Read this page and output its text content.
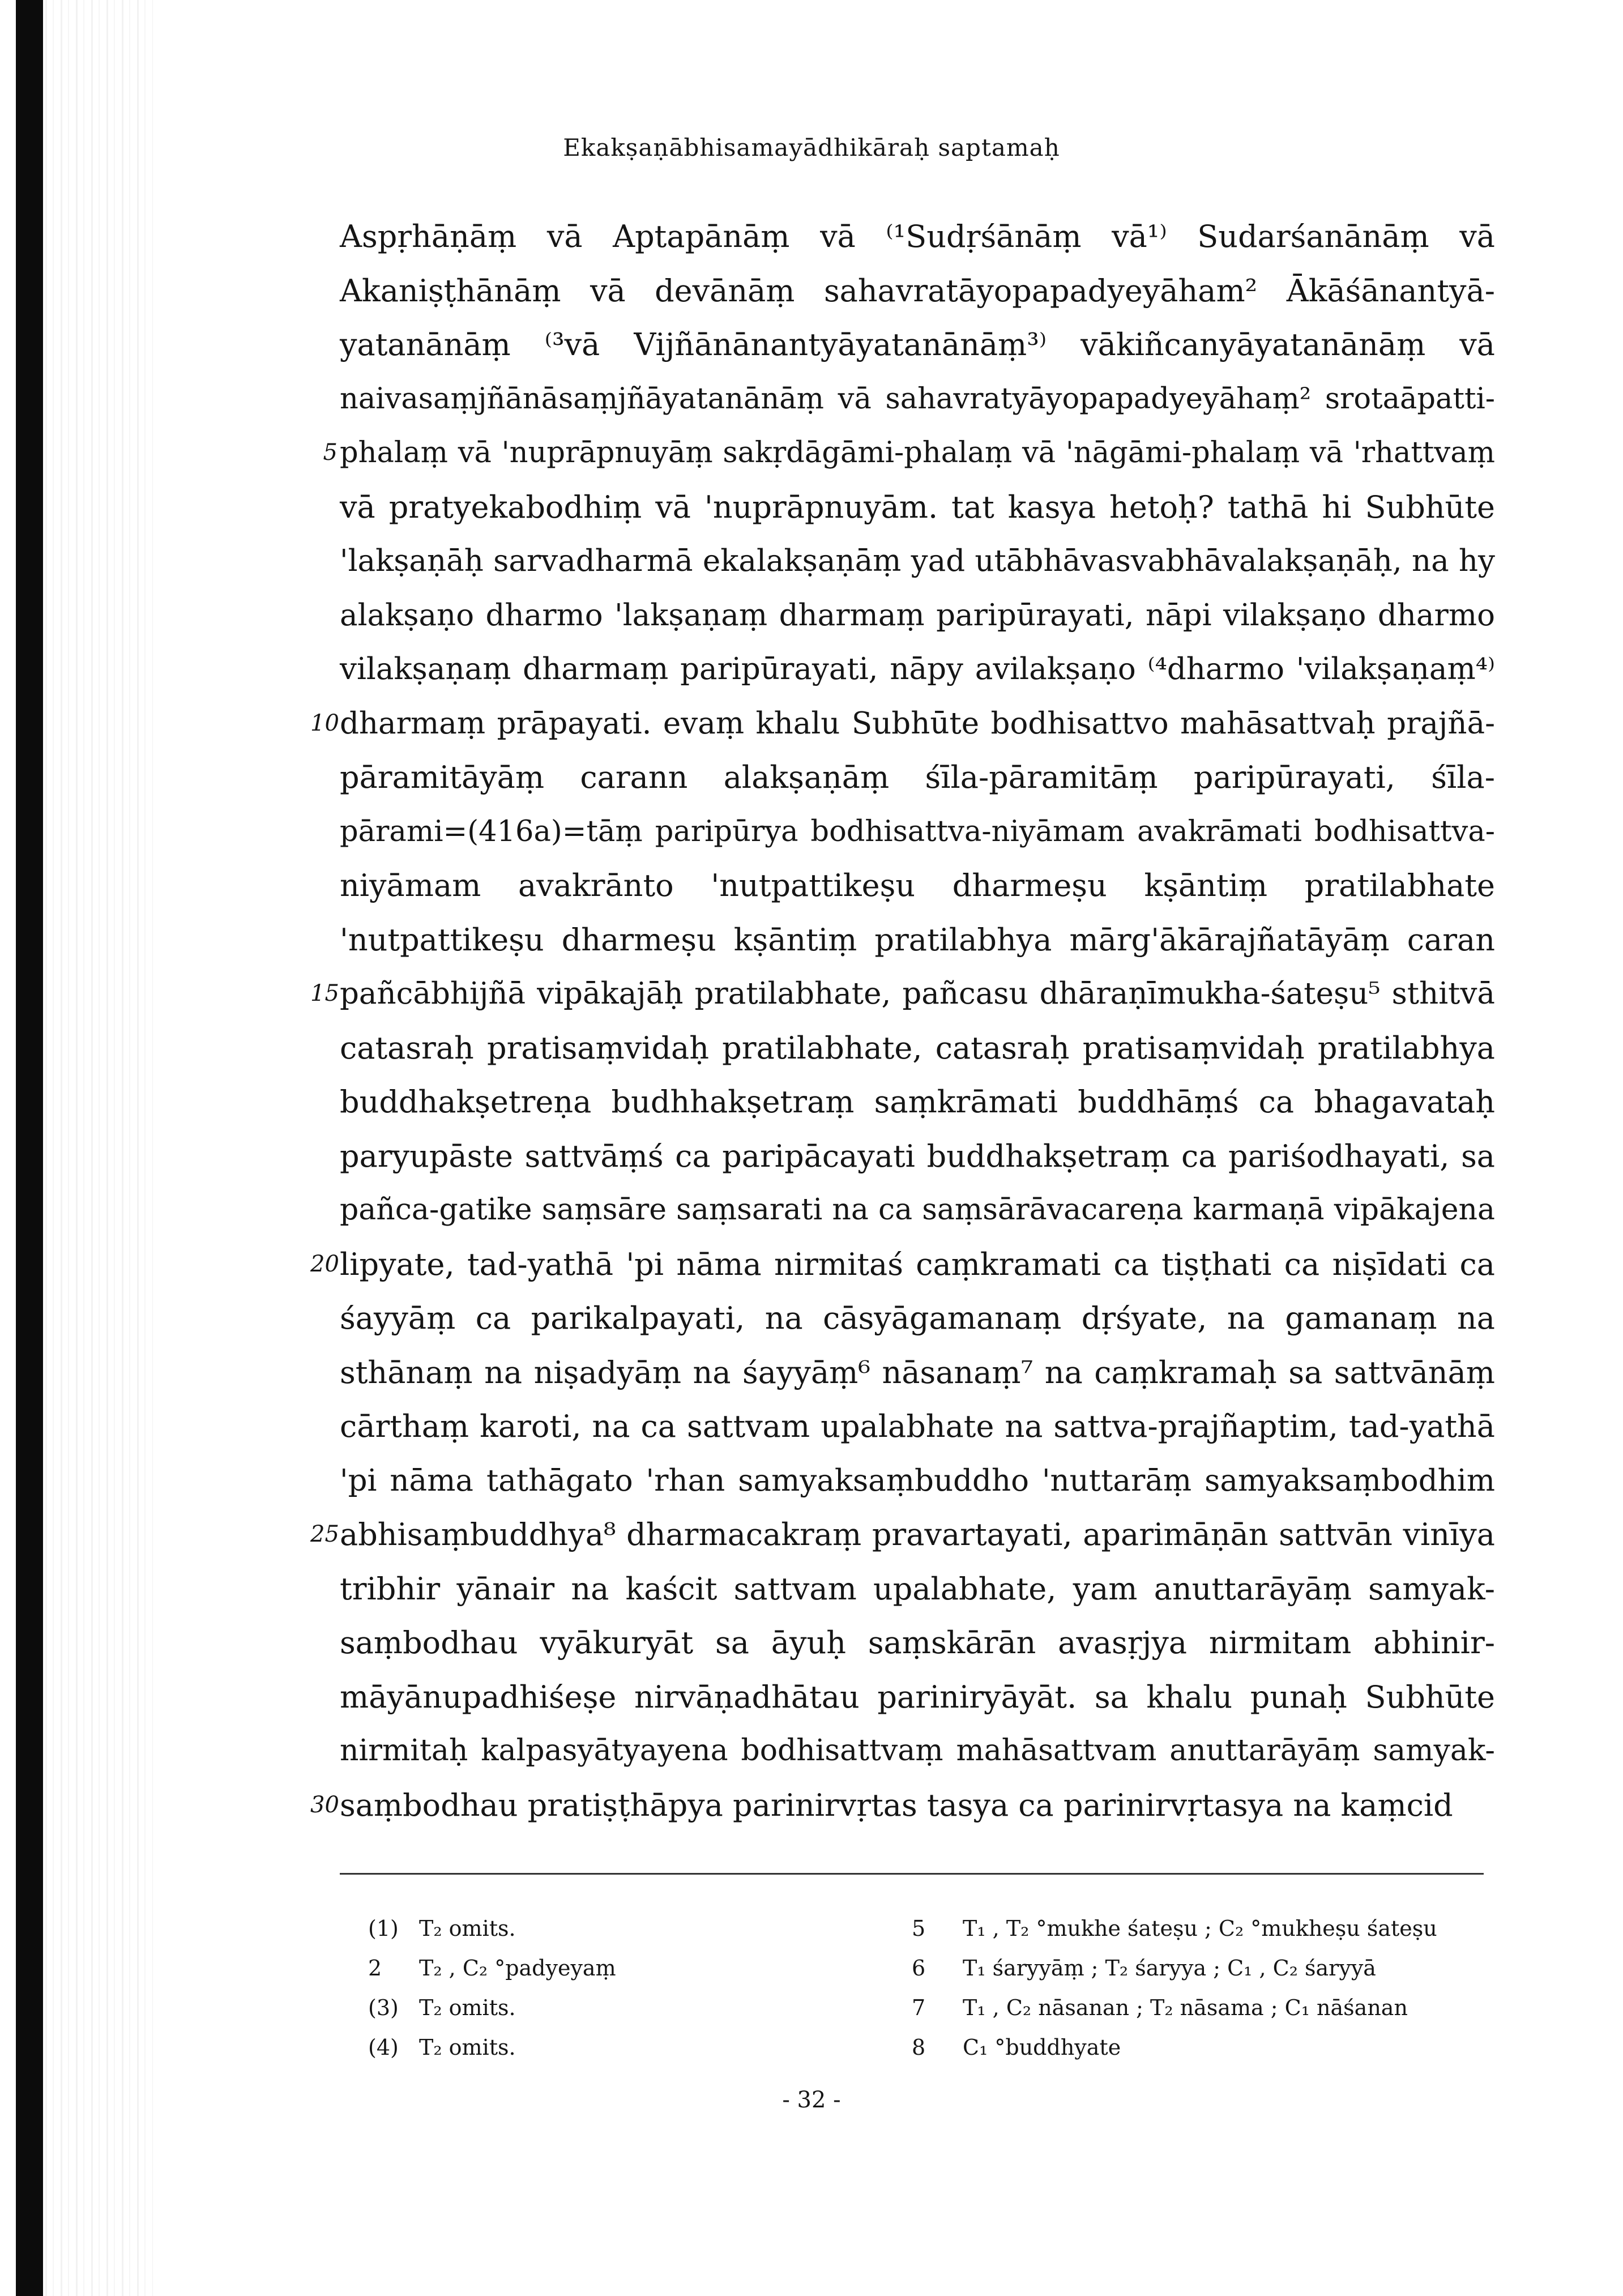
Ekakṣaṇābhisamayādhikāraḥ saptamaḥ
Aspṛhāṇāṃ vā Aptapānāṃ vā ⁽¹Sudṛśānāṃ vā¹⁾ Sudarśanānāṃ vā
Akaniṣṭhānāṃ vā devānāṃ sahavratāyopapadyeyāham² Ākāśānantyā-
yatanānāṃ ⁽³vā Vijñānānantyāyatanānāṃ³⁾ vākiñcanyāyatanānāṃ vā
naivasaṃjñānāsaṃjñāyatanānāṃ vā sahavratyāyopapadyeyāhaṃ² srotaāpatti-
5 phalaṃ vā 'nuprāpnuyāṃ sakṛdāgāmi-phalaṃ vā 'nāgāmi-phalaṃ vā 'rhattvaṃ
vā pratyekabodhiṃ vā 'nuprāpnuyām. tat kasya hetoḥ? tathā hi Subhūte
'lakṣaṇāḥ sarvadharmā ekalakṣaṇāṃ yad utābhāvasvabhāvalakṣaṇāḥ, na hy
alakṣaṇo dharmo 'lakṣaṇaṃ dharmaṃ paripūrayati, nāpi vilakṣaṇo dharmo
vilakṣaṇaṃ dharmaṃ paripūrayati, nāpy avilakṣaṇo ⁽⁴dharmo 'vilakṣaṇaṃ⁴⁾
10 dharmaṃ prāpayati. evaṃ khalu Subhūte bodhisattvo mahāsattvaḥ prajñā-
pāramitāyāṃ carann alakṣaṇāṃ śīla-pāramitāṃ paripūrayati, śīla-
pārami=(416a)=tāṃ paripūrya bodhisattva-niyāmam avakrāmati bodhisattva-
niyāmam avakrānto 'nutpattikeṣu dharmeṣu kṣāntiṃ pratilabhate
'nutpattikeṣu dharmeṣu kṣāntiṃ pratilabhya mārg'ākārajñatāyāṃ caran
15 pañcābhijñā vipākajāḥ pratilabhate, pañcasu dhāraṇīmukha-śateṣu⁵ sthitvā
catasraḥ pratisaṃvidaḥ pratilabhate, catasraḥ pratisaṃvidaḥ pratilabhya
buddhakṣetreṇa budhhakṣetraṃ saṃkrāmati buddhāṃś ca bhagavataḥ
paryupāste sattvāṃś ca paripācayati buddhakṣetraṃ ca pariśodhayati, sa
pañca-gatike saṃsāre saṃsarati na ca saṃsārāvacareṇa karmaṇā vipākajena
20 lipyate, tad-yathā 'pi nāma nirmitaś caṃkramati ca tiṣṭhati ca niṣīdati ca
śayyāṃ ca parikalpayati, na cāsyāgamanaṃ dṛśyate, na gamanaṃ na
sthānaṃ na niṣadyāṃ na śayyāṃ⁶ nāsanaṃ⁷ na caṃkramaḥ sa sattvānāṃ
cārthaṃ karoti, na ca sattvam upalabhate na sattva-prajñaptim, tad-yathā
'pi nāma tathāgato 'rhan samyaksaṃbuddho 'nuttarāṃ samyaksaṃbodhim
25 abhisaṃbuddhya⁸ dharmacakraṃ pravartayati, aparimāṇān sattvān vinīya
tribhir yānair na kaścit sattvam upalabhate, yam anuttarāyāṃ samyak-
saṃbodhau vyākuryāt sa āyuḥ saṃskārān avasṛjya nirmitam abhinir-
māyānupadhiśeṣe nirvāṇadhātau pariniryāyāt. sa khalu punaḥ Subhūte
nirmitaḥ kalpasyātyayena bodhisattvaṃ mahāsattvam anuttarāyāṃ samyak-
30 saṃbodhau pratiṣṭhāpya parinirvṛtas tasya ca parinirvṛtasya na kaṃcid
(1) T₂ omits.
2	T₂ , C₂ °padyeyaṃ
(3) T₂ omits.
(4) T₂ omits.
5	T₁ , T₂ °mukhe śateṣu ; C₂ °mukheṣu śateṣu
6	T₁ śaryyāṃ ; T₂ śaryya ; C₁ , C₂ śaryyā
7	T₁ , C₂ nāsanan ; T₂ nāsama ; C₁ nāśanan
8	C₁ °buddhyate
- 32 -
